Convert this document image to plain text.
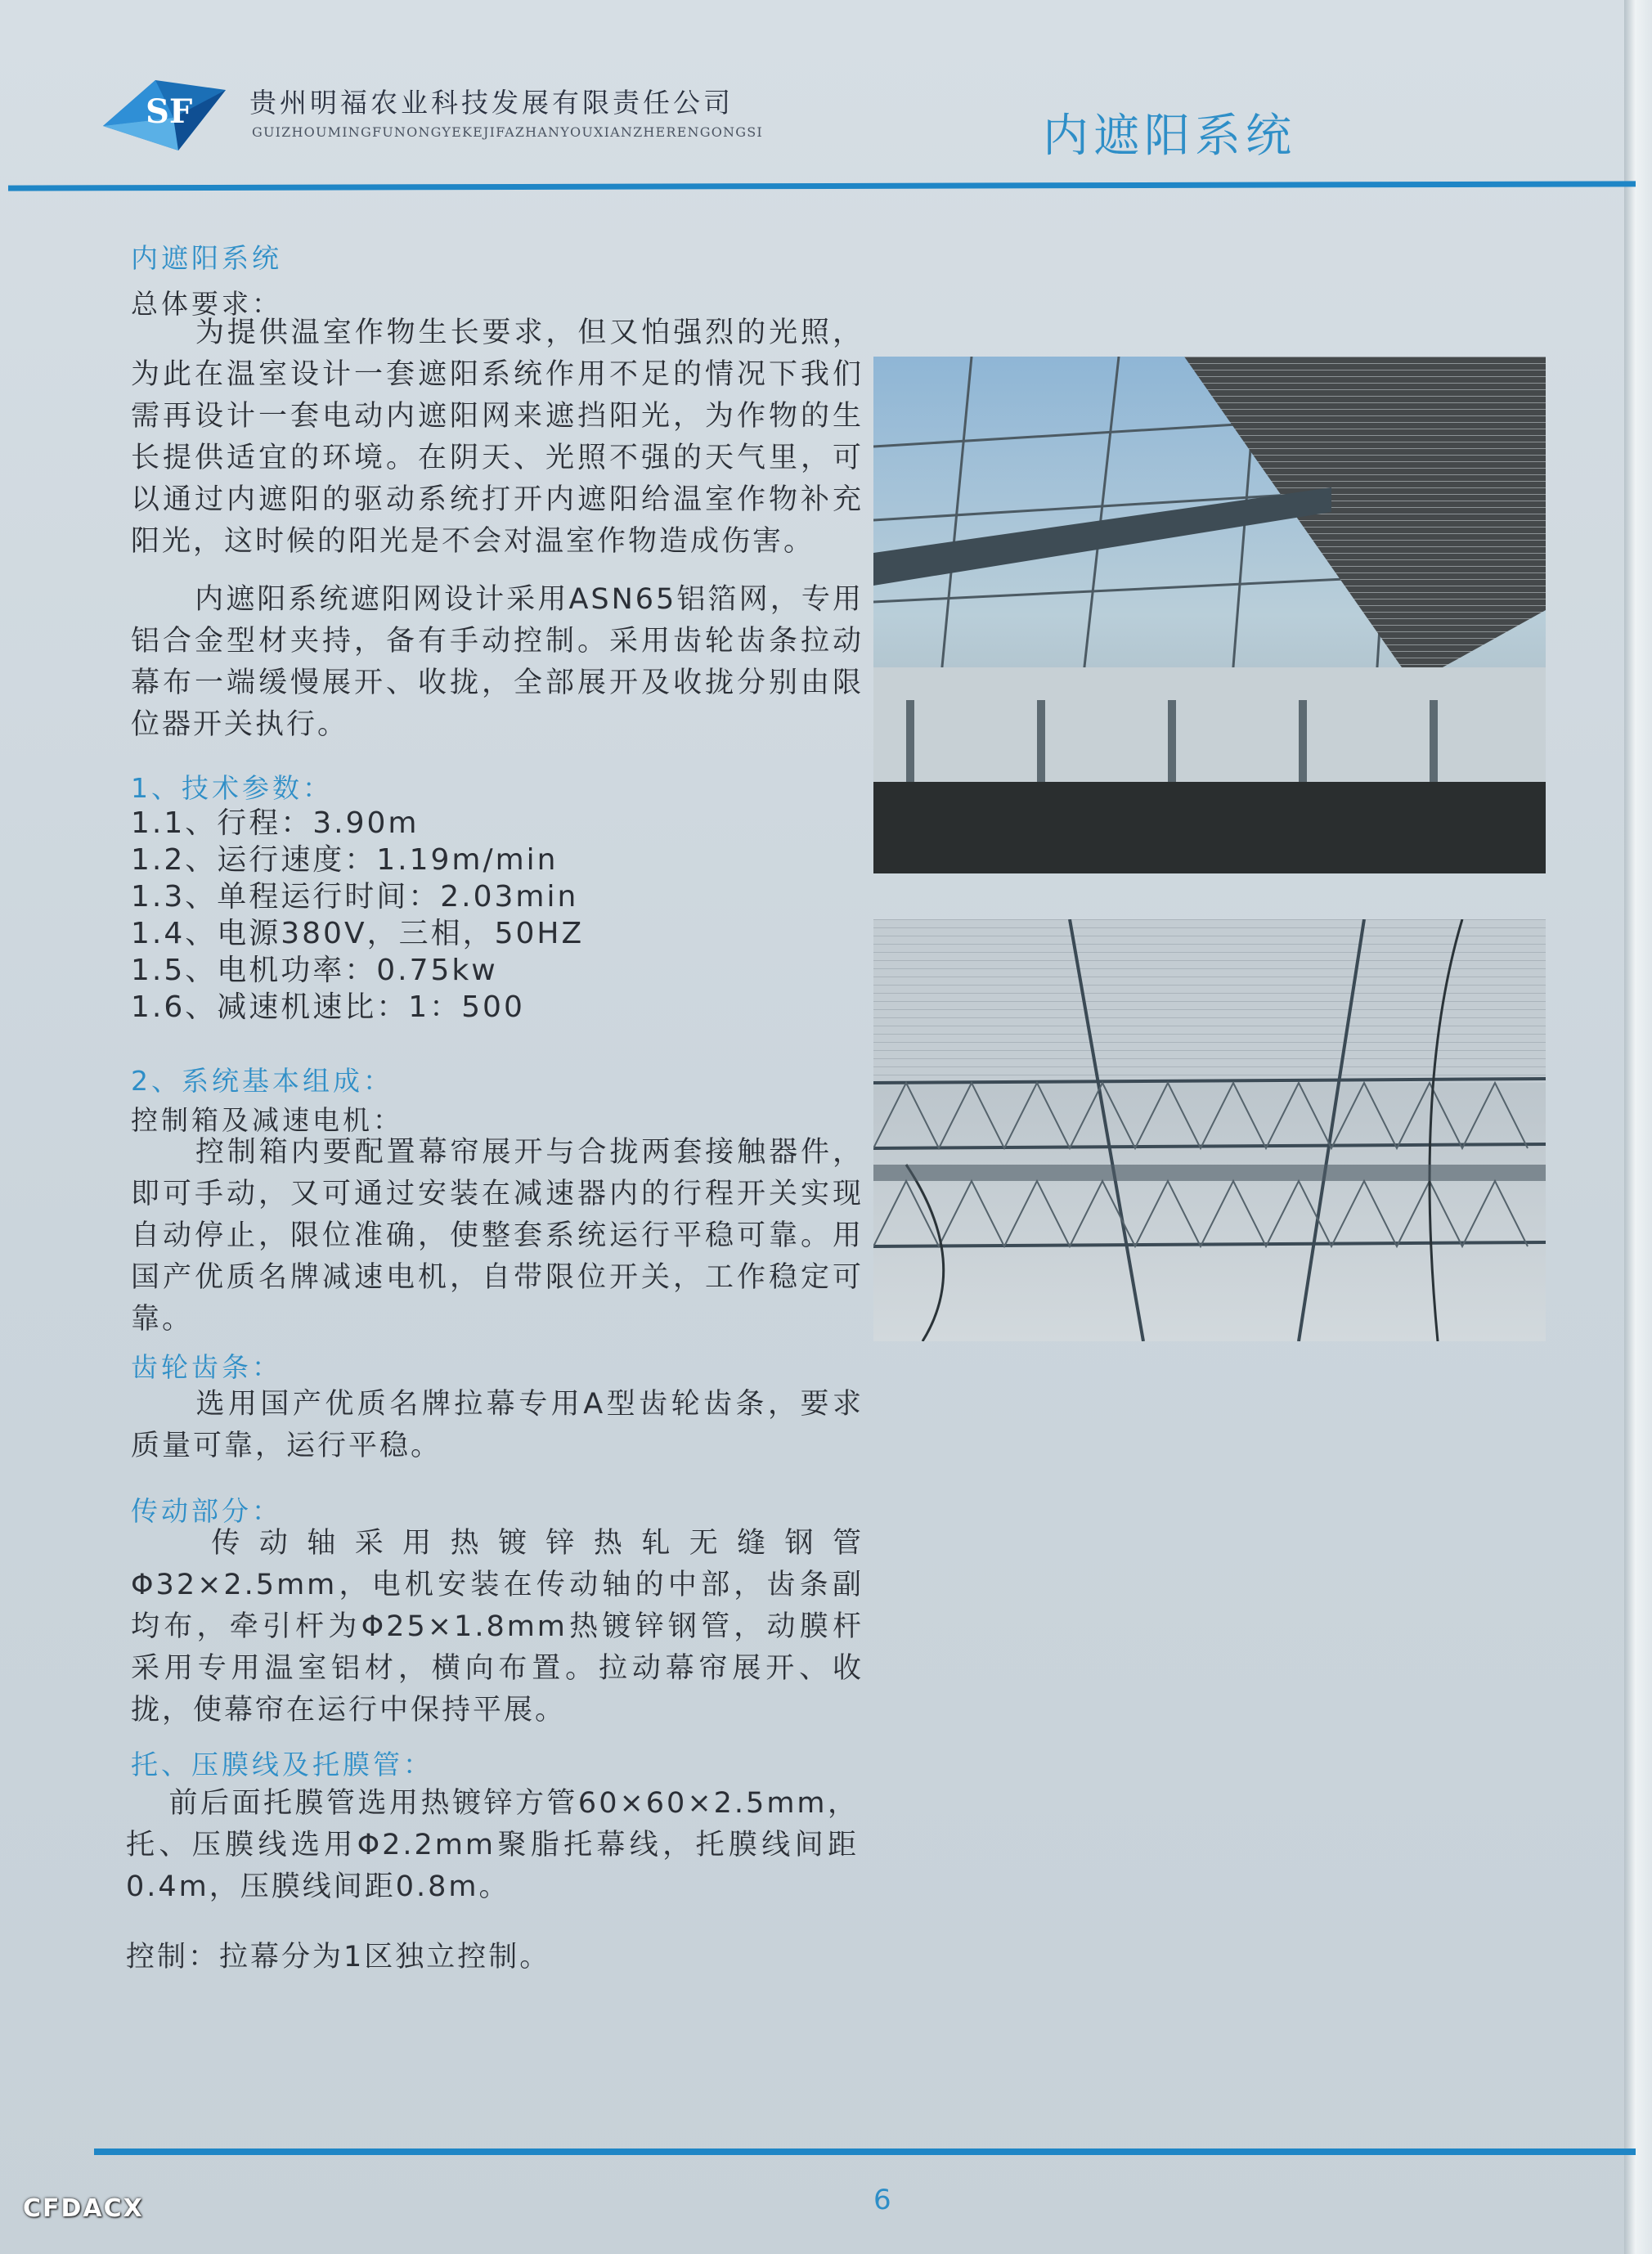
SF 贵州明福农业科技发展有限责任公司
GUIZHOUMINGFUNONGYEKEJIFAZHANYOUXIANZHERENGONGSI	内遮阳系统
内遮阳系统
总体要求：
为提供温室作物生长要求，但又怕强烈的光照，为此在温室设计一套遮阳系统作用不足的情况下我们需再设计一套电动内遮阳网来遮挡阳光，为作物的生长提供适宜的环境。在阴天、光照不强的天气里，可以通过内遮阳的驱动系统打开内遮阳给温室作物补充阳光，这时候的阳光是不会对温室作物造成伤害。
内遮阳系统遮阳网设计采用ASN65铝箔网，专用铝合金型材夹持，备有手动控制。采用齿轮齿条拉动幕布一端缓慢展开、收拢，全部展开及收拢分别由限位器开关执行。
1、技术参数：
1.1、行程：3.90m
1.2、运行速度：1.19m/min
1.3、单程运行时间：2.03min
1.4、电源380V，三相，50HZ
1.5、电机功率：0.75kw
1.6、减速机速比：1：500
2、系统基本组成：
控制箱及减速电机：
控制箱内要配置幕帘展开与合拢两套接触器件，即可手动，又可通过安装在减速器内的行程开关实现自动停止，限位准确，使整套系统运行平稳可靠。用国产优质名牌减速电机，自带限位开关，工作稳定可靠。
齿轮齿条：
选用国产优质名牌拉幕专用A型齿轮齿条，要求质量可靠，运行平稳。
传动部分：
传动轴采用热镀锌热轧无缝钢管Φ32×2.5mm，电机安装在传动轴的中部，齿条副均布，牵引杆为Φ25×1.8mm热镀锌钢管，动膜杆采用专用温室铝材，横向布置。拉动幕帘展开、收拢，使幕帘在运行中保持平展。
托、压膜线及托膜管：
前后面托膜管选用热镀锌方管60×60×2.5mm，托、压膜线选用Φ2.2mm聚脂托幕线，托膜线间距0.4m，压膜线间距0.8m。
控制：拉幕分为1区独立控制。
6
CFDACX
